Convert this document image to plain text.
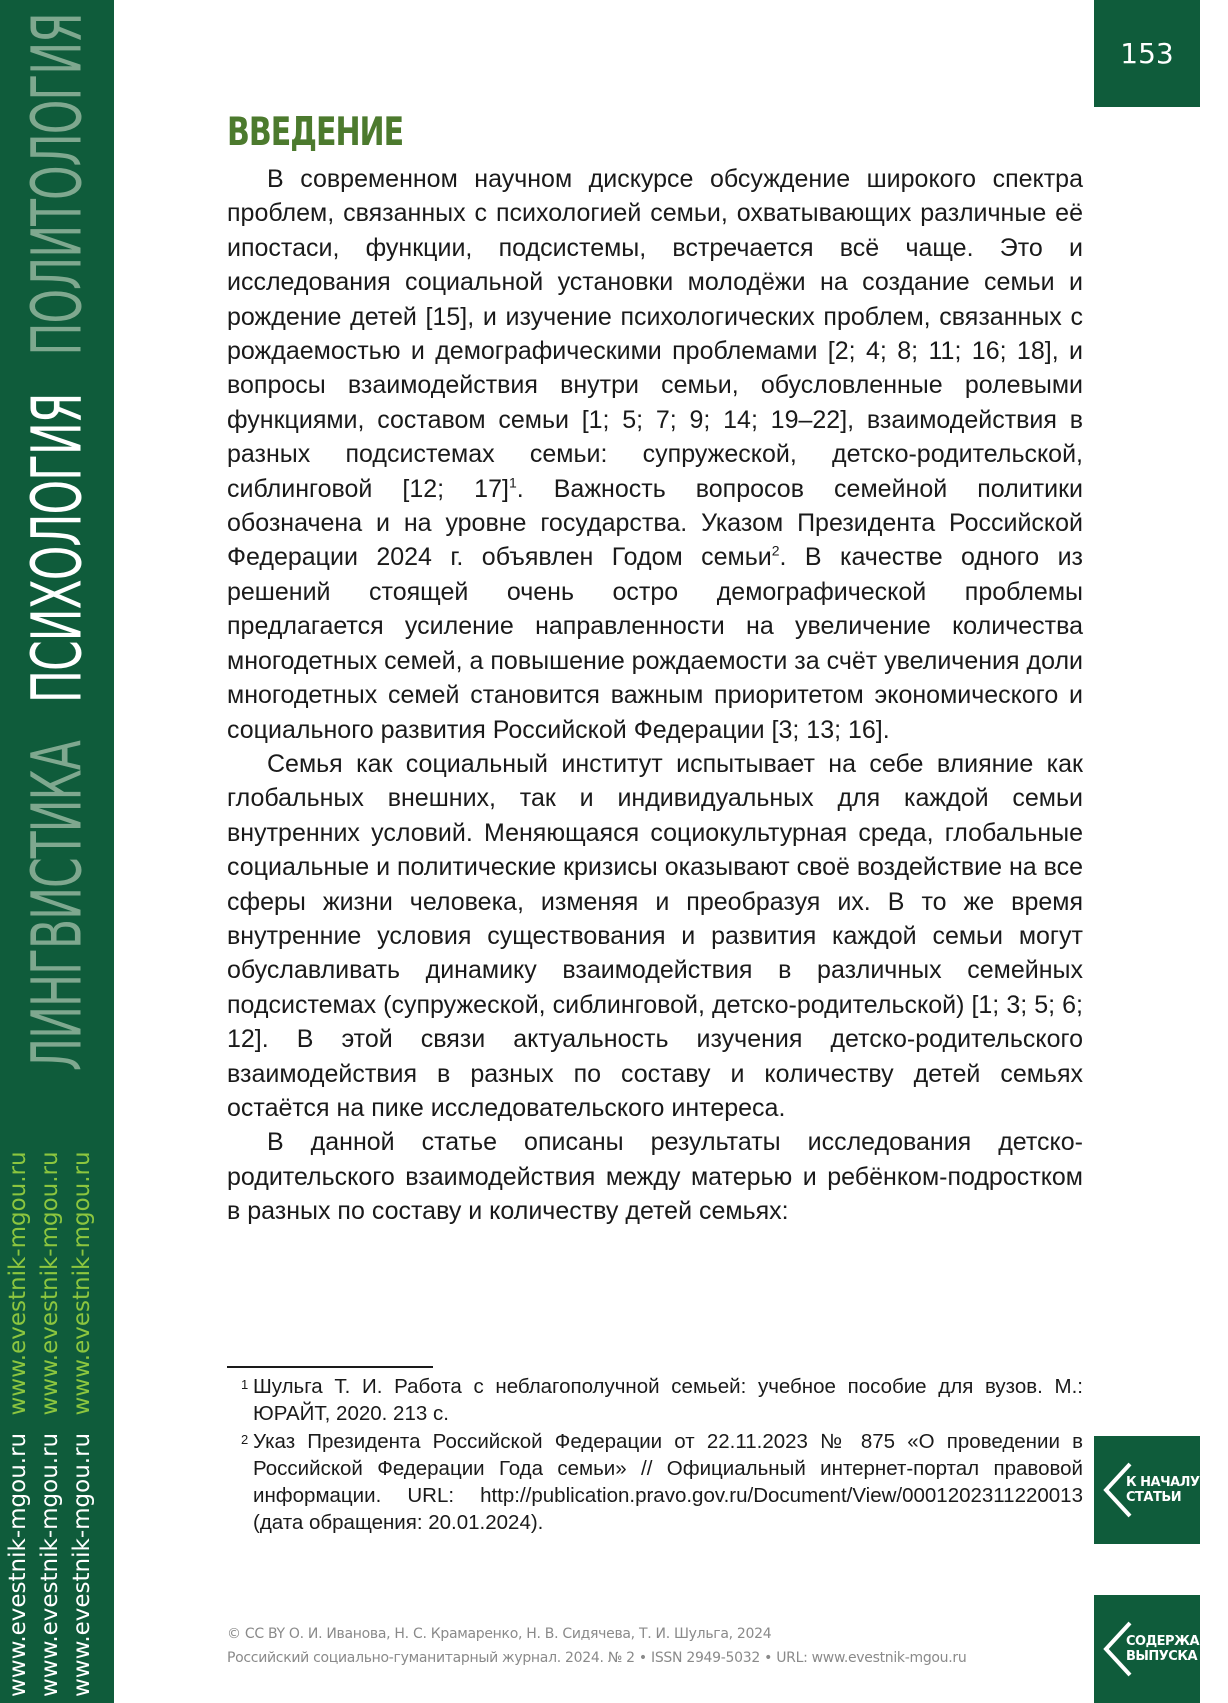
www.evestnik-mgou.ru www.evestnik-mgou.ru
www.evestnik-mgou.ru www.evestnik-mgou.ru
www.evestnik-mgou.ru www.evestnik-mgou.ru
ЛИНГВИСТИКА
ПСИХОЛОГИЯ
ПОЛИТОЛОГИЯ	153
К НАЧАЛУ
СТАТЬИ
СОДЕРЖАНИЕ
ВЫПУСКА
ВВЕДЕНИЕ

В современном научном дискурсе обсуждение широкого спектра проблем, связанных с психологией семьи, охватывающих различные её ипостаси, функции, подсистемы, встречается всё чаще. Это и исследования социальной установки молодёжи на создание семьи и рождение детей [15], и изучение психологических проблем, связанных с рождаемостью и демографическими проблемами [2; 4; 8; 11; 16; 18], и вопросы взаимодействия внутри семьи, обусловленные ролевыми функциями, составом семьи [1; 5; 7; 9; 14; 19–22], взаимодействия в разных подсистемах семьи: супружеской, детско-родительской, сиблинговой [12; 17]$^1$. Важность вопросов семейной политики обозначена и на уровне государства. Указом Президента Российской Федерации 2024 г. объявлен Годом семьи$^2$. В качестве одного из решений стоящей очень остро демографической проблемы предлагается усиление направленности на увеличение количества многодетных семей, а повышение рождаемости за счёт увеличения доли многодетных семей становится важным приоритетом экономического и социального развития Российской Федерации [3; 13; 16].

Семья как социальный институт испытывает на себе влияние как глобальных внешних, так и индивидуальных для каждой семьи внутренних условий. Меняющаяся социокультурная среда, глобальные социальные и политические кризисы оказывают своё воздействие на все сферы жизни человека, изменяя и преобразуя их. В то же время внутренние условия существования и развития каждой семьи могут обуславливать динамику взаимодействия в различных семейных подсистемах (супружеской, сиблинговой, детско-родительской) [1; 3; 5; 6; 12]. В этой связи актуальность изучения детско-родительского взаимодействия в разных по составу и количеству детей семьях остаётся на пике исследовательского интереса.

В данной статье описаны результаты исследования детско-родительского взаимодействия между матерью и ребёнком-подростком в разных по составу и количеству детей семьях:

1 Шульга Т. И. Работа с неблагополучной семьей: учебное пособие для вузов. М.: ЮРАЙТ, 2020. 213 с.
2 Указ Президента Российской Федерации от 22.11.2023 № 875 «О проведении в Российской Федерации Года семьи» // Официальный интернет-портал правовой информации. URL: http://publication.pravo.gov.ru/Document/View/0001202311220013 (дата обращения: 20.01.2024).
© CC BY О. И. Иванова, Н. С. Крамаренко, Н. В. Сидячева, Т. И. Шульга, 2024
Российский социально-гуманитарный журнал. 2024. № 2 • ISSN 2949-5032 • URL: www.evestnik-mgou.ru
